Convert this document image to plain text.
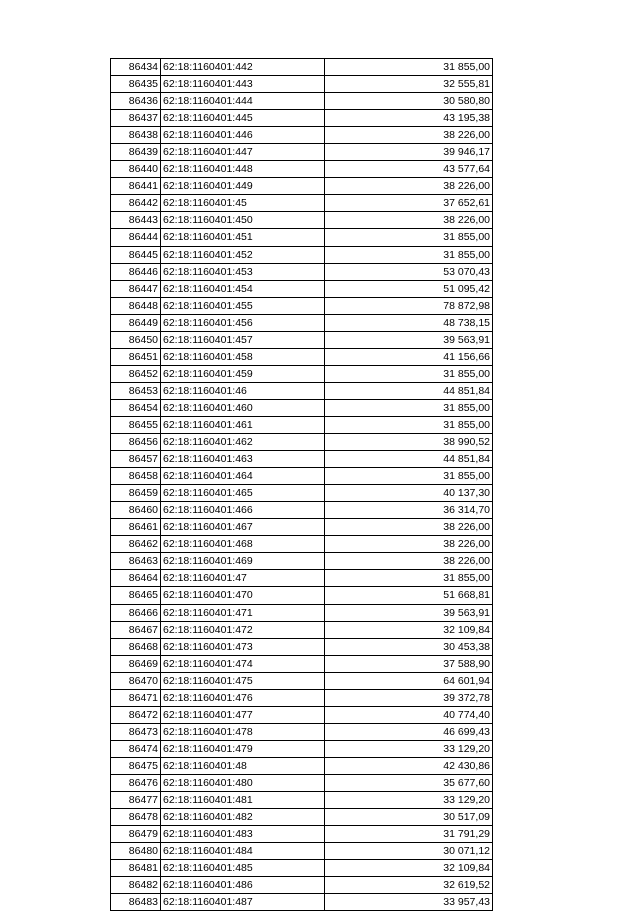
86434	62:18:1160401:442	31 855,00
86435	62:18:1160401:443	32 555,81
86436	62:18:1160401:444	30 580,80
86437	62:18:1160401:445	43 195,38
86438	62:18:1160401:446	38 226,00
86439	62:18:1160401:447	39 946,17
86440	62:18:1160401:448	43 577,64
86441	62:18:1160401:449	38 226,00
86442	62:18:1160401:45	37 652,61
86443	62:18:1160401:450	38 226,00
86444	62:18:1160401:451	31 855,00
86445	62:18:1160401:452	31 855,00
86446	62:18:1160401:453	53 070,43
86447	62:18:1160401:454	51 095,42
86448	62:18:1160401:455	78 872,98
86449	62:18:1160401:456	48 738,15
86450	62:18:1160401:457	39 563,91
86451	62:18:1160401:458	41 156,66
86452	62:18:1160401:459	31 855,00
86453	62:18:1160401:46	44 851,84
86454	62:18:1160401:460	31 855,00
86455	62:18:1160401:461	31 855,00
86456	62:18:1160401:462	38 990,52
86457	62:18:1160401:463	44 851,84
86458	62:18:1160401:464	31 855,00
86459	62:18:1160401:465	40 137,30
86460	62:18:1160401:466	36 314,70
86461	62:18:1160401:467	38 226,00
86462	62:18:1160401:468	38 226,00
86463	62:18:1160401:469	38 226,00
86464	62:18:1160401:47	31 855,00
86465	62:18:1160401:470	51 668,81
86466	62:18:1160401:471	39 563,91
86467	62:18:1160401:472	32 109,84
86468	62:18:1160401:473	30 453,38
86469	62:18:1160401:474	37 588,90
86470	62:18:1160401:475	64 601,94
86471	62:18:1160401:476	39 372,78
86472	62:18:1160401:477	40 774,40
86473	62:18:1160401:478	46 699,43
86474	62:18:1160401:479	33 129,20
86475	62:18:1160401:48	42 430,86
86476	62:18:1160401:480	35 677,60
86477	62:18:1160401:481	33 129,20
86478	62:18:1160401:482	30 517,09
86479	62:18:1160401:483	31 791,29
86480	62:18:1160401:484	30 071,12
86481	62:18:1160401:485	32 109,84
86482	62:18:1160401:486	32 619,52
86483	62:18:1160401:487	33 957,43
